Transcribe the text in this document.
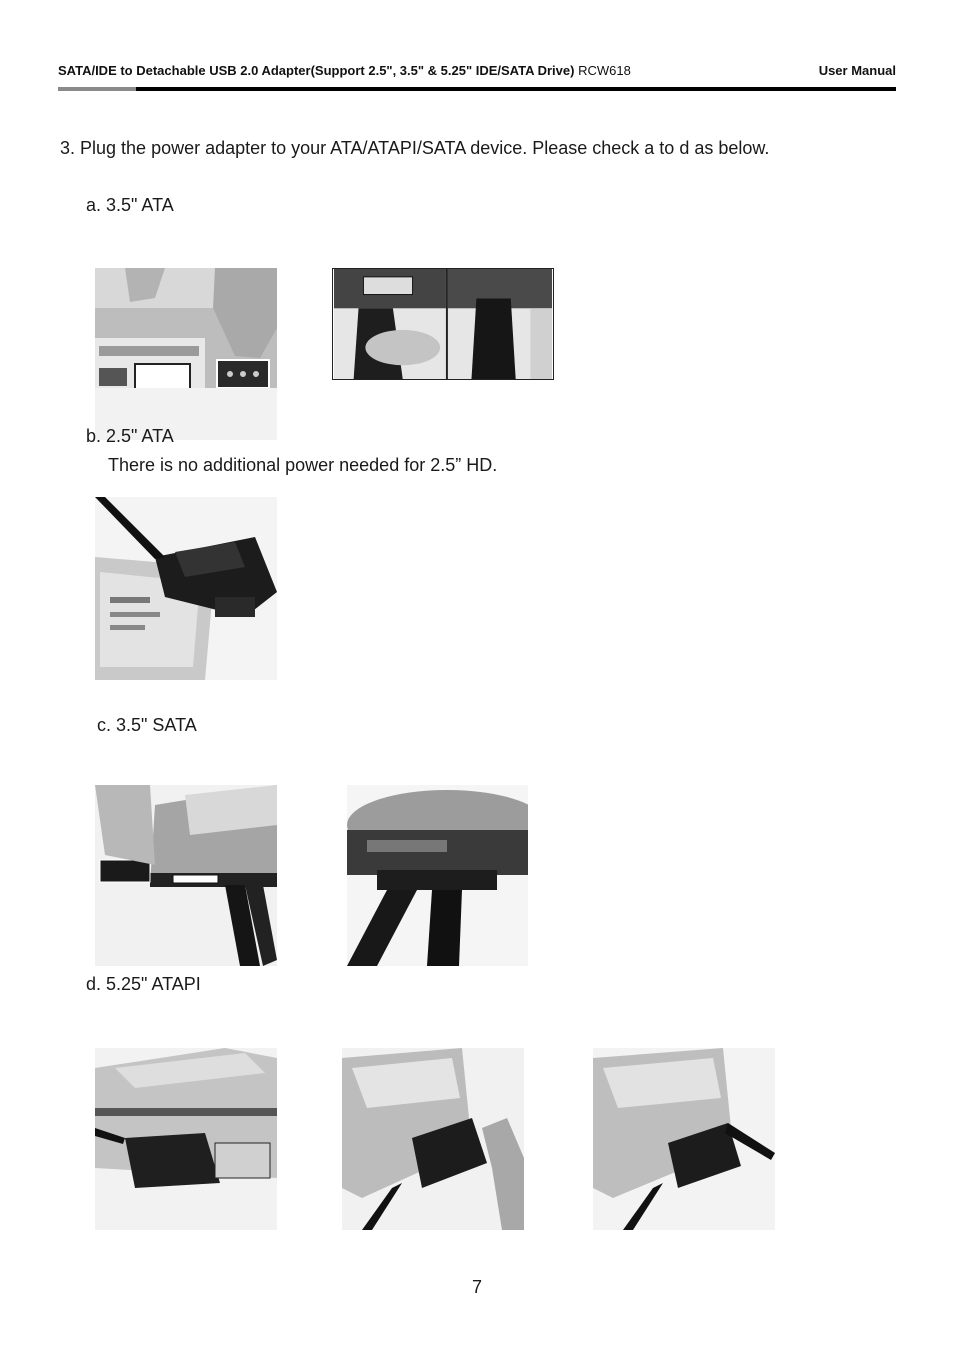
SATA/IDE to Detachable USB 2.0 Adapter(Support 2.5", 3.5" & 5.25" IDE/SATA Drive) RCW618	User Manual
3. Plug the power adapter to your ATA/ATAPI/SATA device. Please check a to d as below.
a. 3.5" ATA
b. 2.5" ATA
There is no additional power needed for 2.5” HD.
c. 3.5" SATA
d. 5.25" ATAPI
7
